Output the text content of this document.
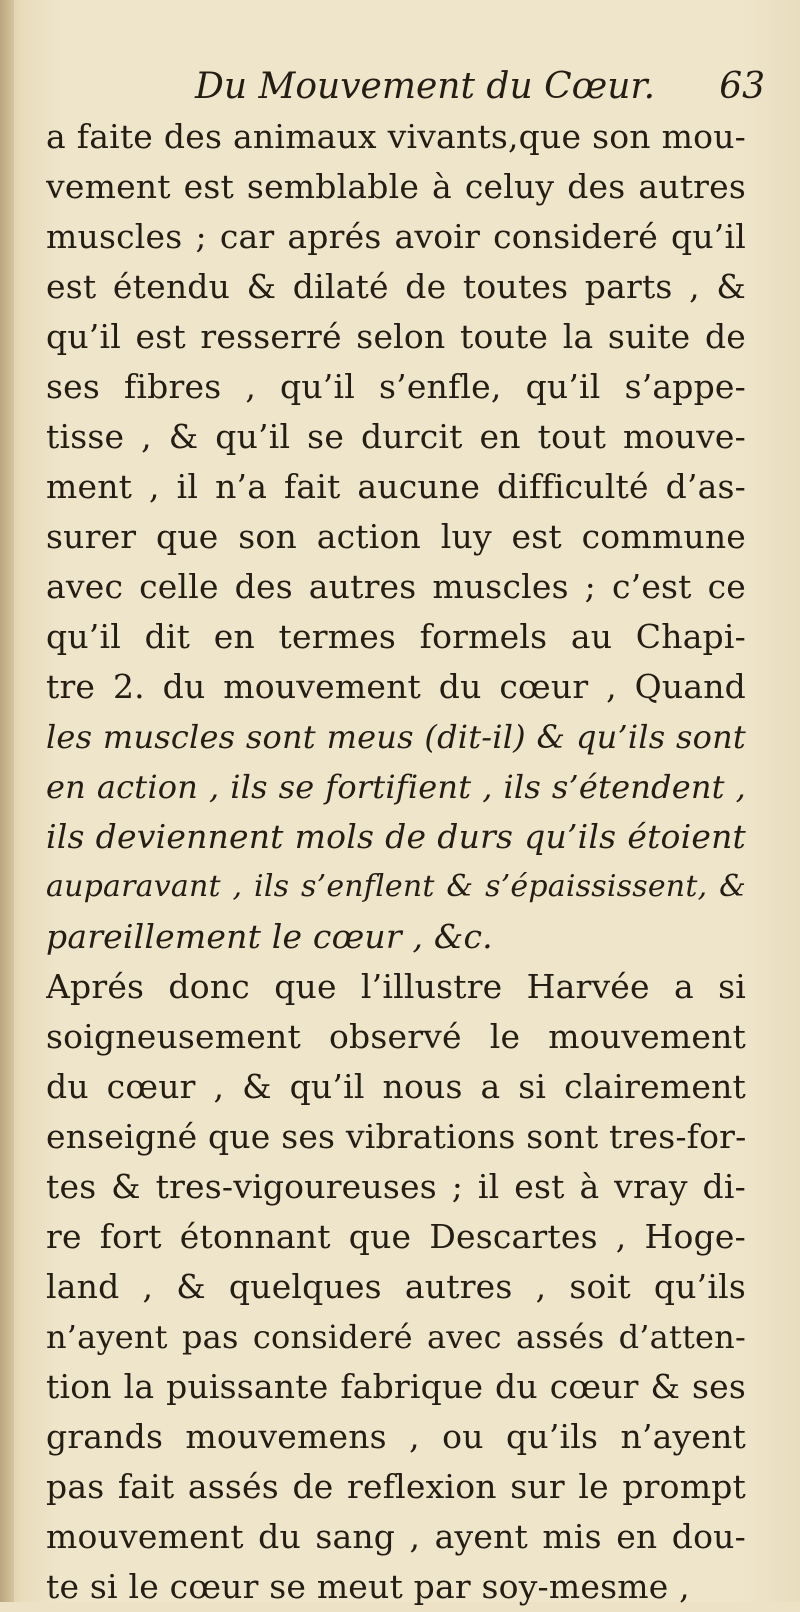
Du Mouvement du Cœur. 63
a faite des animaux vivants,que son mou-
vement est semblable à celuy des autres
muscles ; car aprés avoir consideré qu’il
est étendu & dilaté de toutes parts , &
qu’il est resserré selon toute la suite de
ses fibres , qu’il s’enfle, qu’il s’appe-
tisse , & qu’il se durcit en tout mouve-
ment , il n’a fait aucune difficulté d’as-
surer que son action luy est commune
avec celle des autres muscles ; c’est ce
qu’il dit en termes formels au Chapi-
tre 2. du mouvement du cœur , Quand
les muscles sont meus (dit-il) & qu’ils sont
en action , ils se fortifient , ils s’étendent ,
ils deviennent mols de durs qu’ils étoient
auparavant , ils s’enflent & s’épaississent, &
pareillement le cœur , &c.
Aprés donc que l’illustre Harvée a si
soigneusement observé le mouvement
du cœur , & qu’il nous a si clairement
enseigné que ses vibrations sont tres-for-
tes & tres-vigoureuses ; il est à vray di-
re fort étonnant que Descartes , Hoge-
land , & quelques autres , soit qu’ils
n’ayent pas consideré avec assés d’atten-
tion la puissante fabrique du cœur & ses
grands mouvemens , ou qu’ils n’ayent
pas fait assés de reflexion sur le prompt
mouvement du sang , ayent mis en dou-
te si le cœur se meut par soy-mesme ,
